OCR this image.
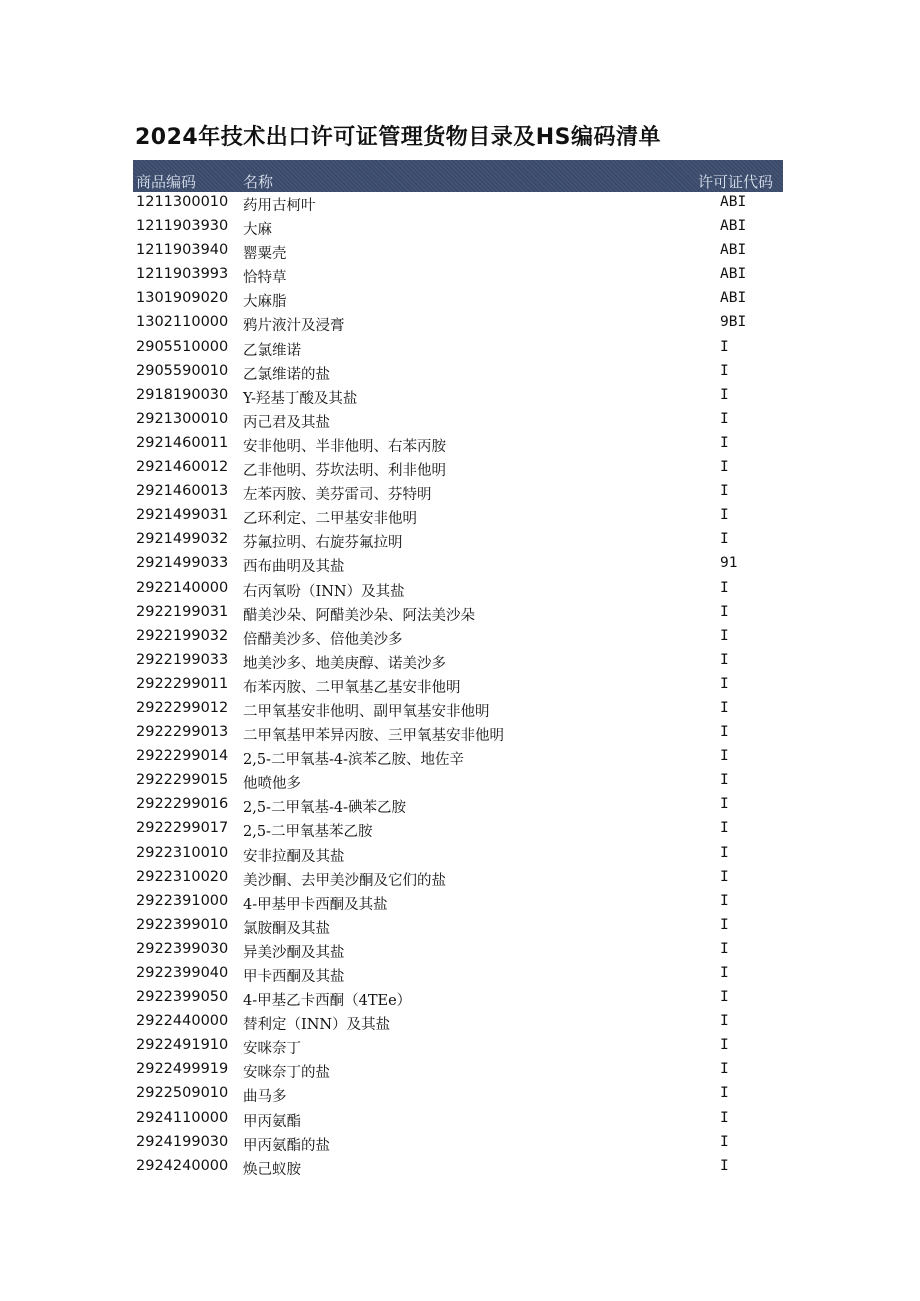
2024年技术出口许可证管理货物目录及HS编码清单
商品编码	名称	许可证代码
1211300010 药用古柯叶	ABI
1211903930 大麻	ABI
1211903940 罂粟壳	ABI
1211903993 恰特草	ABI
1301909020 大麻脂	ABI
1302110000 鸦片液汁及浸膏	9BI
2905510000 乙氯维诺	I
2905590010 乙氯维诺的盐	I
2918190030 Y-羟基丁酸及其盐	I
2921300010 丙己君及其盐	I
2921460011 安非他明、半非他明、右苯丙胺	I
2921460012 乙非他明、芬坎法明、利非他明	I
2921460013 左苯丙胺、美芬雷司、芬特明	I
2921499031 乙环利定、二甲基安非他明	I
2921499032 芬氟拉明、右旋芬氟拉明	I
2921499033 西布曲明及其盐	91
2922140000 右丙氧吩（INN）及其盐	I
2922199031 醋美沙朵、阿醋美沙朵、阿法美沙朵	I
2922199032 倍醋美沙多、倍他美沙多	I
2922199033 地美沙多、地美庚醇、诺美沙多	I
2922299011 布苯丙胺、二甲氧基乙基安非他明	I
2922299012 二甲氧基安非他明、副甲氧基安非他明	I
2922299013 二甲氧基甲苯异丙胺、三甲氧基安非他明	I
2922299014 2,5-二甲氧基-4-滨苯乙胺、地佐辛	I
2922299015 他喷他多	I
2922299016 2,5-二甲氧基-4-碘苯乙胺	I
2922299017 2,5-二甲氧基苯乙胺	I
2922310010 安非拉酮及其盐	I
2922310020 美沙酮、去甲美沙酮及它们的盐	I
2922391000 4-甲基甲卡西酮及其盐	I
2922399010 氯胺酮及其盐	I
2922399030 异美沙酮及其盐	I
2922399040 甲卡西酮及其盐	I
2922399050 4-甲基乙卡西酮（4TEe）	I
2922440000 替利定（INN）及其盐	I
2922491910 安咪奈丁	I
2922499919 安咪奈丁的盐	I
2922509010 曲马多	I
2924110000 甲丙氨酯	I
2924199030 甲丙氨酯的盐	I
2924240000 焕己蚁胺	I
